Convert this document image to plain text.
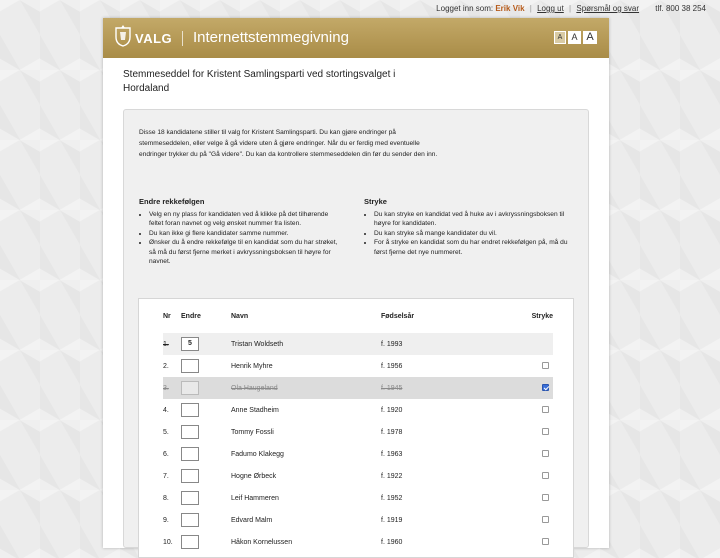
Logget inn som: Erik Vik | Logg ut | Spørsmål og svar tlf. 800 38 254
VALG Internettstemmegivning	A	A A
Stemmeseddel for Kristent Samlingsparti ved stortingsvalget i Hordaland

Disse 18 kandidatene stiller til valg for Kristent Samlingsparti. Du kan gjøre endringer på stemmeseddelen, eller velge å gå videre uten å gjøre endringer. Når du er ferdig med eventuelle endringer trykker du på "Gå videre". Du kan da kontrollere stemmeseddelen din før du sender den inn.

Endre rekkefølgen
• Velg en ny plass for kandidaten ved å klikke på det tilhørende feltet foran navnet og velg ønsket nummer fra listen.
• Du kan ikke gi flere kandidater samme nummer.
• Ønsker du å endre rekkefølge til en kandidat som du har strøket, så må du først fjerne merket i avkryssningsboksen til høyre for navnet.
Stryke
• Du kan stryke en kandidat ved å huke av i avkryssningsboksen til høyre for kandidaten.
• Du kan stryke så mange kandidater du vil.
• For å stryke en kandidat som du har endret rekkefølgen på, må du først fjerne det nye nummeret.
Nr	Endre	Navn	Fødselsår	Stryke
1.	5	Tristan Woldseth	f. 1993	
2.		Henrik Myhre	f. 1956	
3.		Ola Haugeland	f. 1945	
4.		Anne Stadheim	f. 1920	
5.		Tommy Fossli	f. 1978	
6.		Fadumo Klakegg	f. 1963	
7.		Hogne Ørbeck	f. 1922	
8.		Leif Hammeren	f. 1952	
9.		Edvard Malm	f. 1919	
10.		Håkon Kornelussen	f. 1960	
